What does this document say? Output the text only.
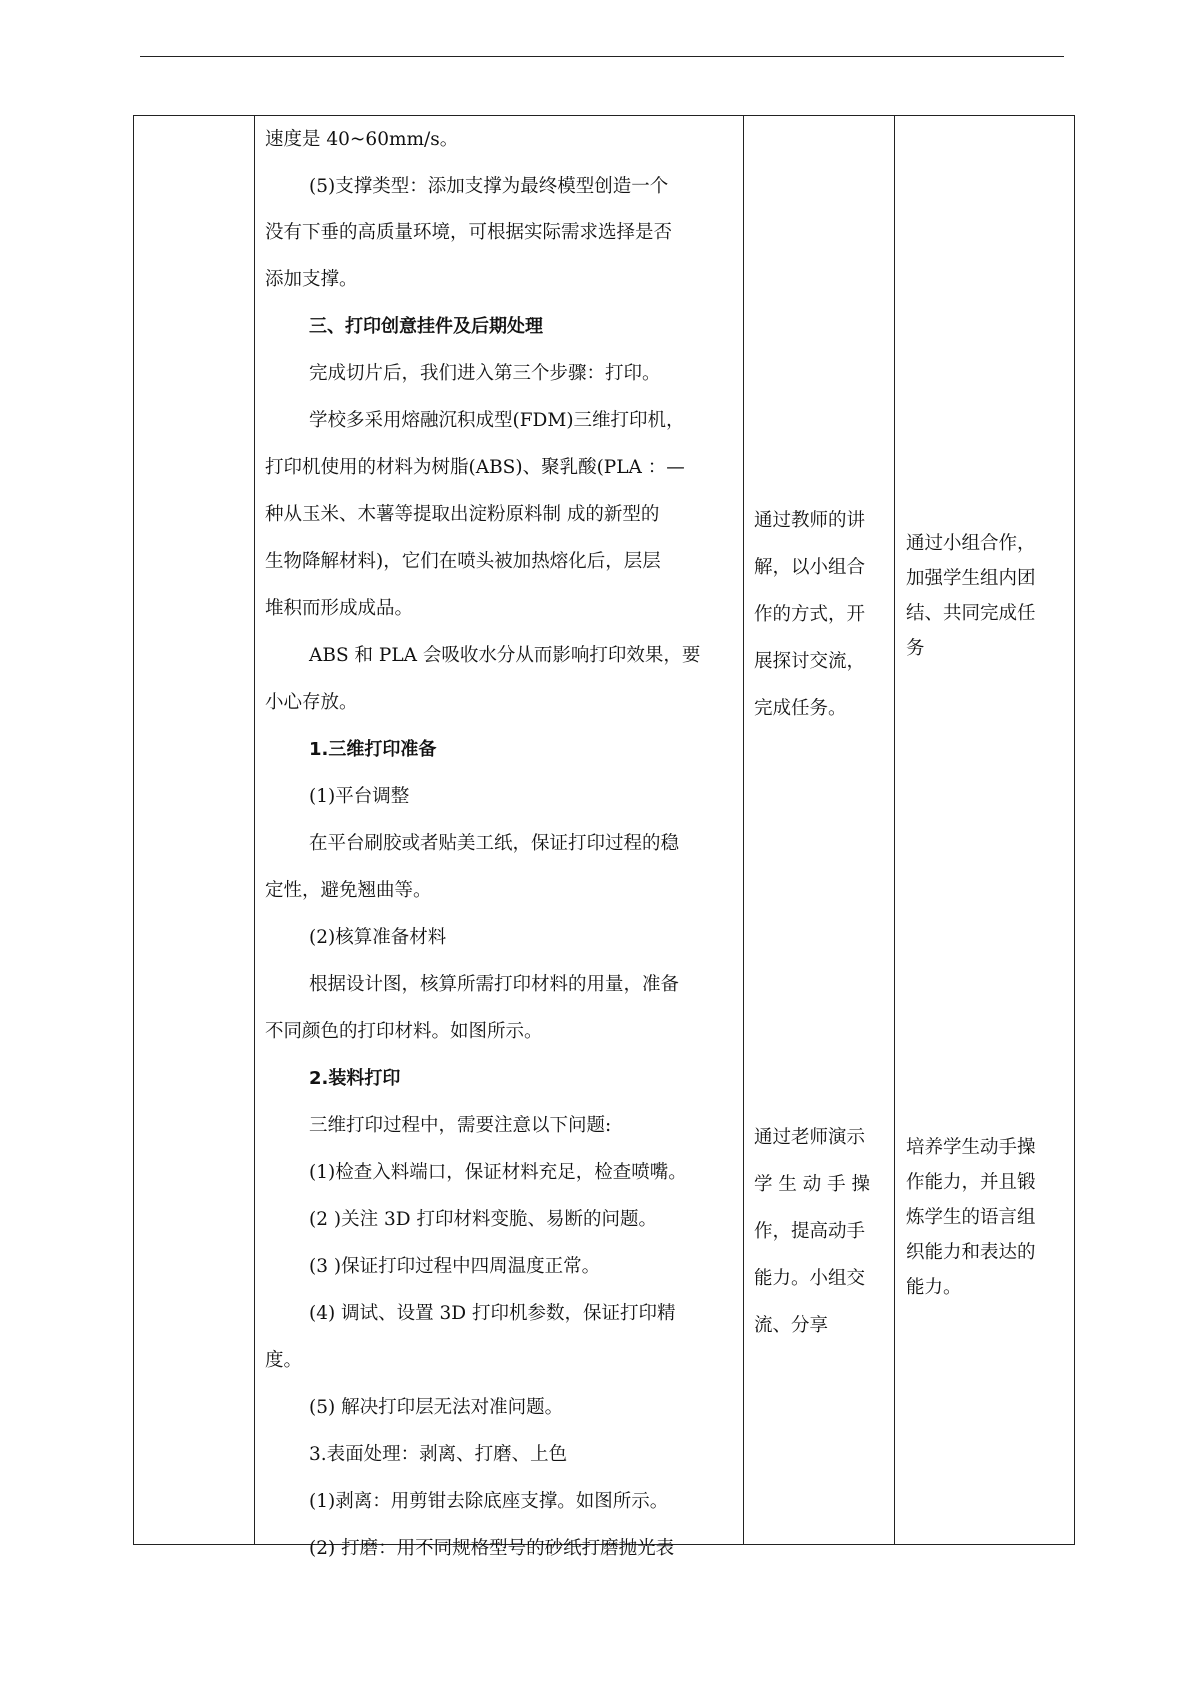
速度是 40~60mm/s。
(5)支撑类型：添加支撑为最终模型创造一个
没有下垂的高质量环境，可根据实际需求选择是否
添加支撑。
三、打印创意挂件及后期处理
完成切片后，我们进入第三个步骤：打印。
学校多采用熔融沉积成型(FDM)三维打印机，
打印机使用的材料为树脂(ABS)、聚乳酸(PLA ：—
种从玉米、木薯等提取出淀粉原料制 成的新型的
生物降解材料)，它们在喷头被加热熔化后，层层
堆积而形成成品。
ABS 和 PLA 会吸收水分从而影响打印效果，要
小心存放。
1.三维打印准备
(1)平台调整
在平台刷胶或者贴美工纸，保证打印过程的稳
定性，避免翘曲等。
(2)核算准备材料
根据设计图，核算所需打印材料的用量，准备
不同颜色的打印材料。如图所示。
2.装料打印
三维打印过程中，需要注意以下问题:
(1)检查入料端口，保证材料充足，检查喷嘴。
(2 )关注 3D 打印材料变脆、易断的问题。
(3 )保证打印过程中四周温度正常。
(4) 调试、设置 3D 打印机参数，保证打印精
度。
(5) 解决打印层无法对准问题。
3.表面处理：剥离、打磨、上色
(1)剥离：用剪钳去除底座支撑。如图所示。
(2) 打磨：用不同规格型号的砂纸打磨抛光表
通过教师的讲
解，以小组合
作的方式，开
展探讨交流，
完成任务。
通过老师演示
学 生 动 手 操
作，提高动手
能力。小组交
流、分享
通过小组合作，
加强学生组内团
结、共同完成任
务
培养学生动手操
作能力，并且锻
炼学生的语言组
织能力和表达的
能力。
